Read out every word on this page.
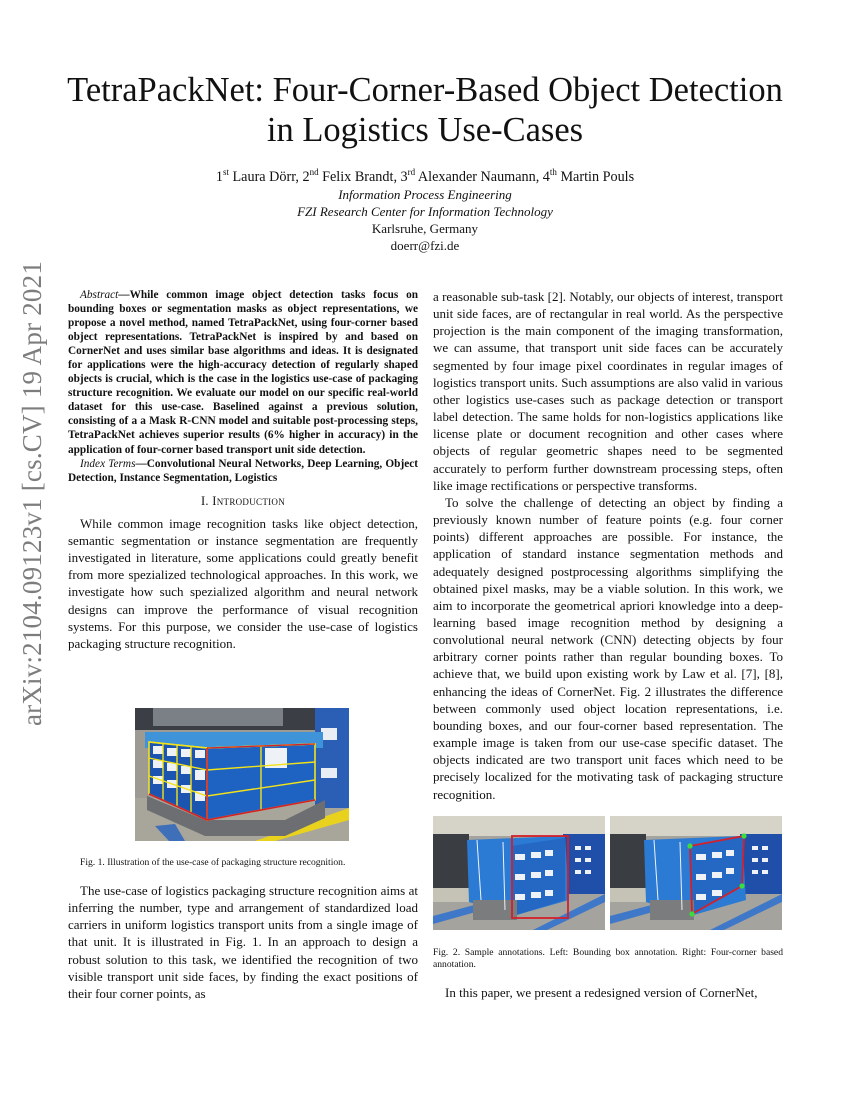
arXiv:2104.09123v1 [cs.CV] 19 Apr 2021
TetraPackNet: Four-Corner-Based Object Detection
in Logistics Use-Cases
1st Laura Dörr, 2nd Felix Brandt, 3rd Alexander Naumann, 4th Martin Pouls
Information Process Engineering
FZI Research Center for Information Technology
Karlsruhe, Germany
doerr@fzi.de

Abstract—While common image object detection tasks focus on bounding boxes or segmentation masks as object representations, we propose a novel method, named TetraPackNet, using four-corner based object representations. TetraPackNet is inspired by and based on CornerNet and uses similar base algorithms and ideas. It is designated for applications were the high-accuracy detection of regularly shaped objects is crucial, which is the case in the logistics use-case of packaging structure recognition. We evaluate our model on our specific real-world dataset for this use-case. Baselined against a previous solution, consisting of a a Mask R-CNN model and suitable post-processing steps, TetraPackNet achieves superior results (6% higher in accuracy) in the application of four-corner based transport unit side detection.

Index Terms—Convolutional Neural Networks, Deep Learning, Object Detection, Instance Segmentation, Logistics

I. Introduction

While common image recognition tasks like object detection, semantic segmentation or instance segmentation are frequently investigated in literature, some applications could greatly benefit from more spezialized technological approaches. In this work, we investigate how such spezialized algorithm and neural network designs can improve the performance of visual recognition systems. For this purpose, we consider the use-case of logistics packaging structure recognition.

Fig. 1. Illustration of the use-case of packaging structure recognition.

The use-case of logistics packaging structure recognition aims at inferring the number, type and arrangement of standardized load carriers in uniform logistics transport units from a single image of that unit. It is illustrated in Fig. 1. In an approach to design a robust solution to this task, we identified the recognition of two visible transport unit side faces, by finding the exact positions of their four corner points, as

a reasonable sub-task [2]. Notably, our objects of interest, transport unit side faces, are of rectangular in real world. As the perspective projection is the main component of the imaging transformation, we can assume, that transport unit side faces can be accurately segmented by four image pixel coordinates in regular images of logistics transport units. Such assumptions are also valid in various other logistics use-cases such as package detection or transport label detection. The same holds for non-logistics applications like license plate or document recognition and other cases where objects of regular geometric shapes need to be segmented accurately to perform further downstream processing steps, often like image rectifications or perspective transforms.

To solve the challenge of detecting an object by finding a previously known number of feature points (e.g. four corner points) different approaches are possible. For instance, the application of standard instance segmentation methods and adequately designed postprocessing algorithms simplifying the obtained pixel masks, may be a viable solution. In this work, we aim to incorporate the geometrical apriori knowledge into a deep-learning based image recognition method by designing a convolutional neural network (CNN) detecting objects by four arbitrary corner points rather than regular bounding boxes. To achieve that, we build upon existing work by Law et al. [7], [8], enhancing the ideas of CornerNet. Fig. 2 illustrates the difference between commonly used object location representations, i.e. bounding boxes, and our four-corner based representation. The example image is taken from our use-case specific dataset. The objects indicated are two transport unit faces which need to be precisely localized for the motivating task of packaging structure recognition.

Fig. 2. Sample annotations. Left: Bounding box annotation. Right: Four-corner based annotation.

In this paper, we present a redesigned version of CornerNet,
